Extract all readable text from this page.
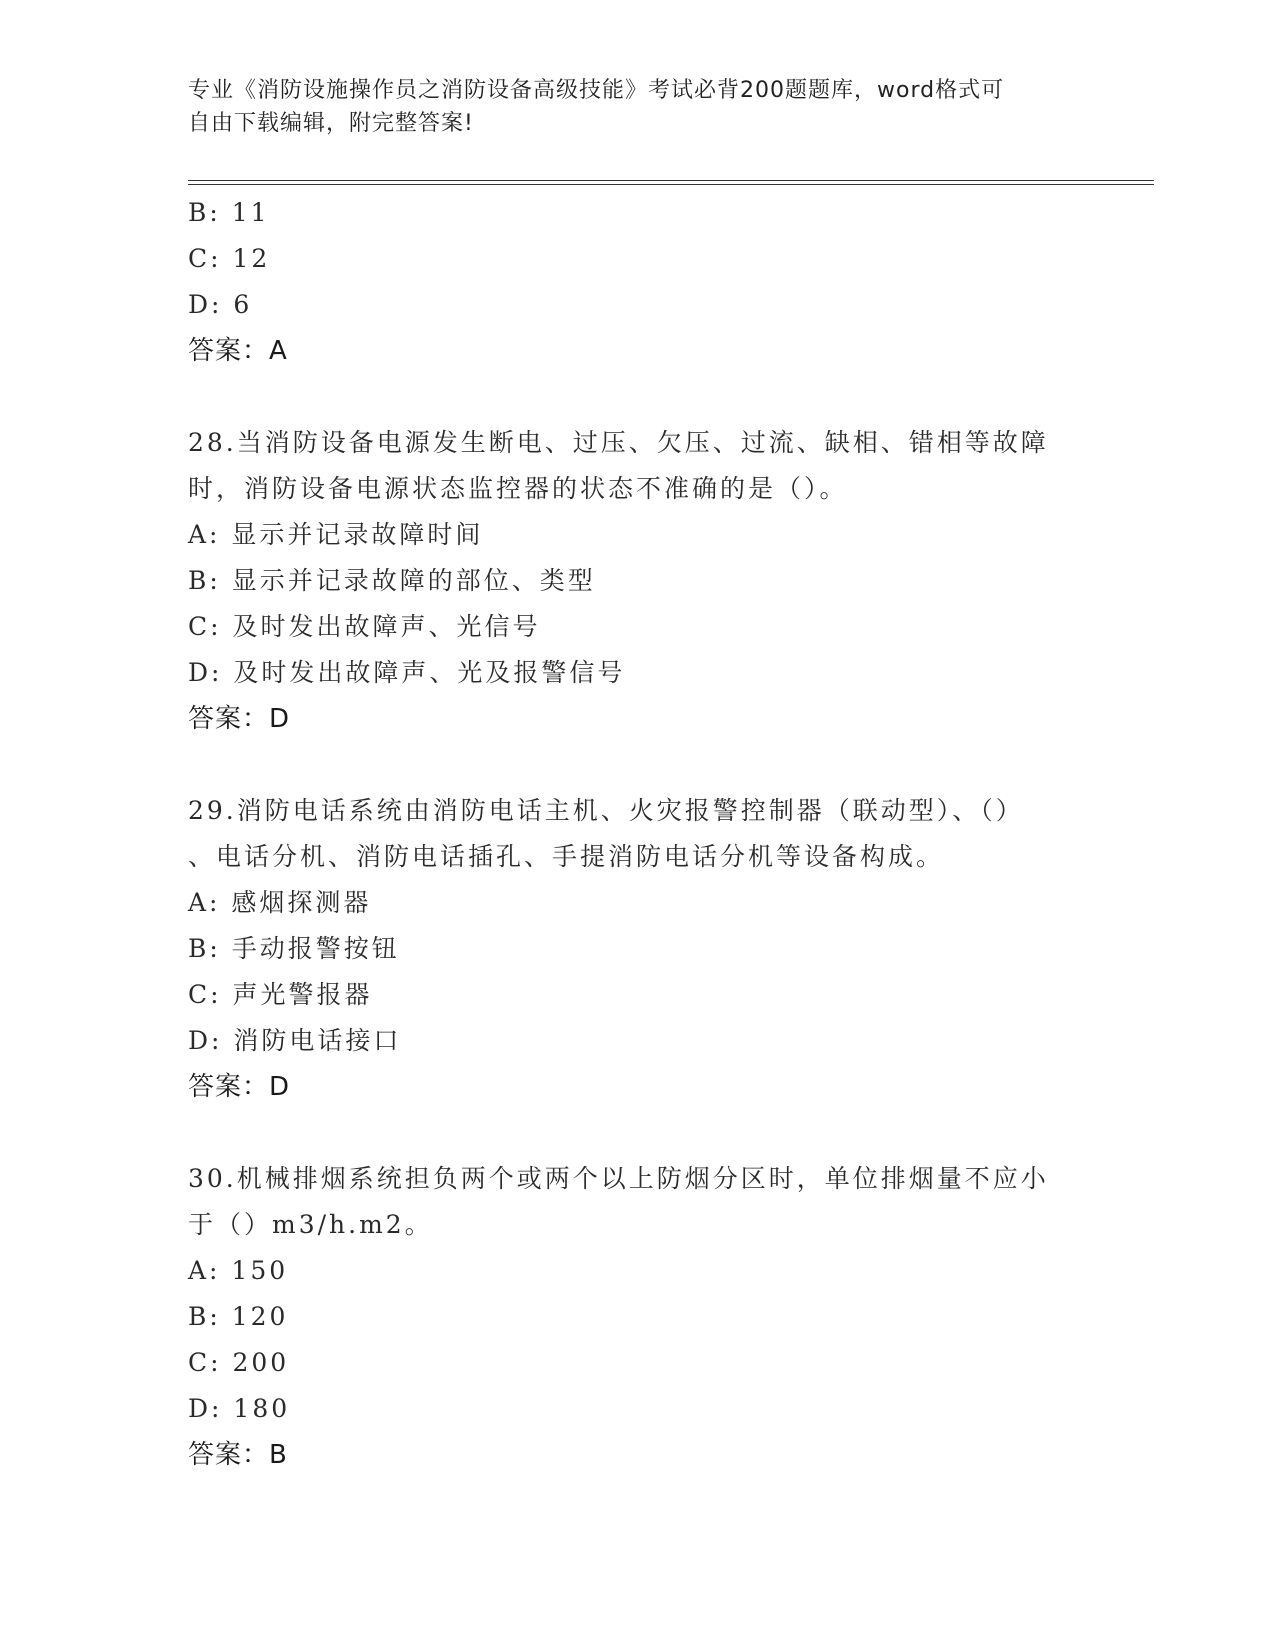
专业《消防设施操作员之消防设备高级技能》考试必背200题题库，word格式可
自由下载编辑，附完整答案!
B: 11
C: 12
D: 6
答案：A
28.当消防设备电源发生断电、过压、欠压、过流、缺相、错相等故障
时，消防设备电源状态监控器的状态不准确的是（）。
A: 显示并记录故障时间
B: 显示并记录故障的部位、类型
C: 及时发出故障声、光信号
D: 及时发出故障声、光及报警信号
答案：D
29.消防电话系统由消防电话主机、火灾报警控制器（联动型）、（）
、电话分机、消防电话插孔、手提消防电话分机等设备构成。
A: 感烟探测器
B: 手动报警按钮
C: 声光警报器
D: 消防电话接口
答案：D
30.机械排烟系统担负两个或两个以上防烟分区时，单位排烟量不应小
于（）m3/h.m2。
A: 150
B: 120
C: 200
D: 180
答案：B
